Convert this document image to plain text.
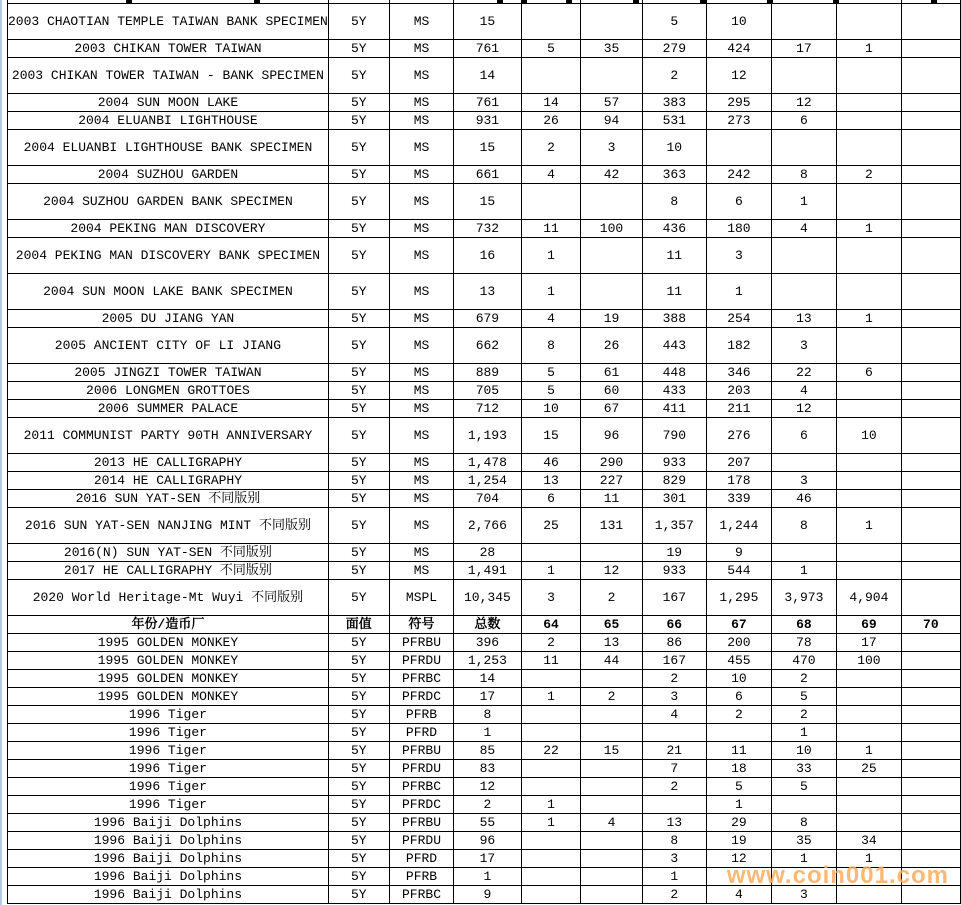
2003 CHAOTIAN TEMPLE TAIWAN BANK SPECIMEN	5Y	MS	15			5	10			
2003 CHIKAN TOWER TAIWAN	5Y	MS	761	5	35	279	424	17	1	
2003 CHIKAN TOWER TAIWAN - BANK SPECIMEN	5Y	MS	14			2	12			
2004 SUN MOON LAKE	5Y	MS	761	14	57	383	295	12		
2004 ELUANBI LIGHTHOUSE	5Y	MS	931	26	94	531	273	6		
2004 ELUANBI LIGHTHOUSE BANK SPECIMEN	5Y	MS	15	2	3	10				
2004 SUZHOU GARDEN	5Y	MS	661	4	42	363	242	8	2	
2004 SUZHOU GARDEN BANK SPECIMEN	5Y	MS	15			8	6	1		
2004 PEKING MAN DISCOVERY	5Y	MS	732	11	100	436	180	4	1	
2004 PEKING MAN DISCOVERY BANK SPECIMEN	5Y	MS	16	1		11	3			
2004 SUN MOON LAKE BANK SPECIMEN	5Y	MS	13	1		11	1			
2005 DU JIANG YAN	5Y	MS	679	4	19	388	254	13	1	
2005 ANCIENT CITY OF LI JIANG	5Y	MS	662	8	26	443	182	3		
2005 JINGZI TOWER TAIWAN	5Y	MS	889	5	61	448	346	22	6	
2006 LONGMEN GROTTOES	5Y	MS	705	5	60	433	203	4		
2006 SUMMER PALACE	5Y	MS	712	10	67	411	211	12		
2011 COMMUNIST PARTY 90TH ANNIVERSARY	5Y	MS	1,193	15	96	790	276	6	10	
2013 HE CALLIGRAPHY	5Y	MS	1,478	46	290	933	207			
2014 HE CALLIGRAPHY	5Y	MS	1,254	13	227	829	178	3		
2016 SUN YAT-SEN 不同版别	5Y	MS	704	6	11	301	339	46		
2016 SUN YAT-SEN NANJING MINT 不同版别	5Y	MS	2,766	25	131	1,357	1,244	8	1	
2016(N) SUN YAT-SEN 不同版别	5Y	MS	28			19	9			
2017 HE CALLIGRAPHY 不同版别	5Y	MS	1,491	1	12	933	544	1		
2020 World Heritage-Mt Wuyi 不同版别	5Y	MSPL	10,345	3	2	167	1,295	3,973	4,904	
年份/造币厂	面值	符号	总数	64	65	66	67	68	69	70
1995 GOLDEN MONKEY	5Y	PFRBU	396	2	13	86	200	78	17	
1995 GOLDEN MONKEY	5Y	PFRDU	1,253	11	44	167	455	470	100	
1995 GOLDEN MONKEY	5Y	PFRBC	14			2	10	2		
1995 GOLDEN MONKEY	5Y	PFRDC	17	1	2	3	6	5		
1996 Tiger	5Y	PFRB	8			4	2	2		
1996 Tiger	5Y	PFRD	1					1		
1996 Tiger	5Y	PFRBU	85	22	15	21	11	10	1	
1996 Tiger	5Y	PFRDU	83			7	18	33	25	
1996 Tiger	5Y	PFRBC	12			2	5	5		
1996 Tiger	5Y	PFRDC	2	1			1			
1996 Baiji Dolphins	5Y	PFRBU	55	1	4	13	29	8		
1996 Baiji Dolphins	5Y	PFRDU	96			8	19	35	34	
1996 Baiji Dolphins	5Y	PFRD	17			3	12	1	1	
1996 Baiji Dolphins	5Y	PFRB	1			1				
1996 Baiji Dolphins	5Y	PFRBC	9			2	4	3		
www.coin001.com
